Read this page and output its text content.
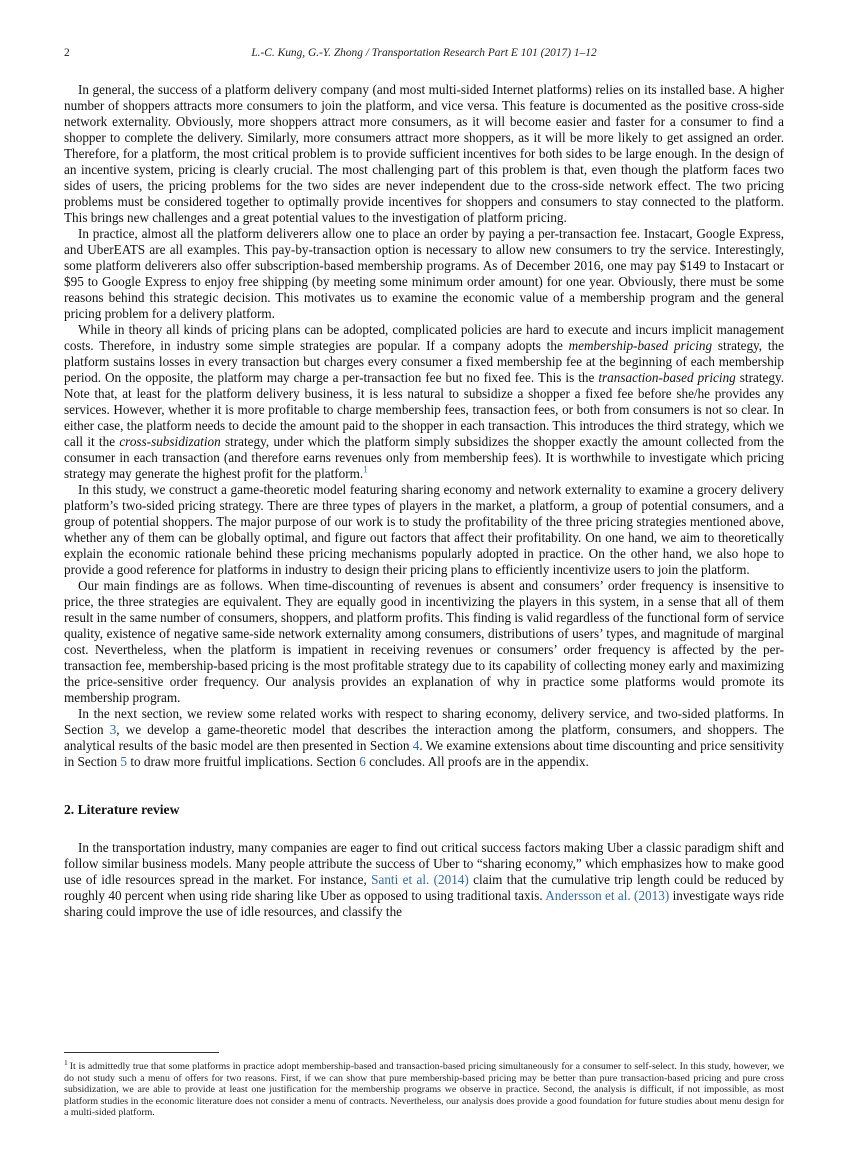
2	L.-C. Kung, G.-Y. Zhong / Transportation Research Part E 101 (2017) 1–12

In general, the success of a platform delivery company (and most multi-sided Internet platforms) relies on its installed base. A higher number of shoppers attracts more consumers to join the platform, and vice versa. This feature is documented as the positive cross-side network externality. Obviously, more shoppers attract more consumers, as it will become easier and faster for a consumer to find a shopper to complete the delivery. Similarly, more consumers attract more shoppers, as it will be more likely to get assigned an order. Therefore, for a platform, the most critical problem is to provide sufficient incentives for both sides to be large enough. In the design of an incentive system, pricing is clearly crucial. The most challenging part of this problem is that, even though the platform faces two sides of users, the pricing problems for the two sides are never independent due to the cross-side network effect. The two pricing problems must be considered together to optimally provide incentives for shoppers and consumers to stay connected to the platform. This brings new challenges and a great potential values to the investigation of platform pricing.

In practice, almost all the platform deliverers allow one to place an order by paying a per-transaction fee. Instacart, Google Express, and UberEATS are all examples. This pay-by-transaction option is necessary to allow new consumers to try the service. Interestingly, some platform deliverers also offer subscription-based membership programs. As of December 2016, one may pay $149 to Instacart or $95 to Google Express to enjoy free shipping (by meeting some minimum order amount) for one year. Obviously, there must be some reasons behind this strategic decision. This motivates us to examine the economic value of a membership program and the general pricing problem for a delivery platform.

While in theory all kinds of pricing plans can be adopted, complicated policies are hard to execute and incurs implicit management costs. Therefore, in industry some simple strategies are popular. If a company adopts the membership-based pricing strategy, the platform sustains losses in every transaction but charges every consumer a fixed membership fee at the beginning of each membership period. On the opposite, the platform may charge a per-transaction fee but no fixed fee. This is the transaction-based pricing strategy. Note that, at least for the platform delivery business, it is less natural to subsidize a shopper a fixed fee before she/he provides any services. However, whether it is more profitable to charge membership fees, transaction fees, or both from consumers is not so clear. In either case, the platform needs to decide the amount paid to the shopper in each transaction. This introduces the third strategy, which we call it the cross-subsidization strategy, under which the platform simply subsidizes the shopper exactly the amount collected from the consumer in each transaction (and therefore earns revenues only from membership fees). It is worthwhile to investigate which pricing strategy may generate the highest profit for the platform.$^1$

In this study, we construct a game-theoretic model featuring sharing economy and network externality to examine a grocery delivery platform’s two-sided pricing strategy. There are three types of players in the market, a platform, a group of potential consumers, and a group of potential shoppers. The major purpose of our work is to study the profitability of the three pricing strategies mentioned above, whether any of them can be globally optimal, and figure out factors that affect their profitability. On one hand, we aim to theoretically explain the economic rationale behind these pricing mechanisms popularly adopted in practice. On the other hand, we also hope to provide a good reference for platforms in industry to design their pricing plans to efficiently incentivize users to join the platform.

Our main findings are as follows. When time-discounting of revenues is absent and consumers’ order frequency is insensitive to price, the three strategies are equivalent. They are equally good in incentivizing the players in this system, in a sense that all of them result in the same number of consumers, shoppers, and platform profits. This finding is valid regardless of the functional form of service quality, existence of negative same-side network externality among consumers, distributions of users’ types, and magnitude of marginal cost. Nevertheless, when the platform is impatient in receiving revenues or consumers’ order frequency is affected by the per-transaction fee, membership-based pricing is the most profitable strategy due to its capability of collecting money early and maximizing the price-sensitive order frequency. Our analysis provides an explanation of why in practice some platforms would promote its membership program.

In the next section, we review some related works with respect to sharing economy, delivery service, and two-sided platforms. In Section 3, we develop a game-theoretic model that describes the interaction among the platform, consumers, and shoppers. The analytical results of the basic model are then presented in Section 4. We examine extensions about time discounting and price sensitivity in Section 5 to draw more fruitful implications. Section 6 concludes. All proofs are in the appendix.

2. Literature review

In the transportation industry, many companies are eager to find out critical success factors making Uber a classic paradigm shift and follow similar business models. Many people attribute the success of Uber to “sharing economy,” which emphasizes how to make good use of idle resources spread in the market. For instance, Santi et al. (2014) claim that the cumulative trip length could be reduced by roughly 40 percent when using ride sharing like Uber as opposed to using traditional taxis. Andersson et al. (2013) investigate ways ride sharing could improve the use of idle resources, and classify the

$^1$ It is admittedly true that some platforms in practice adopt membership-based and transaction-based pricing simultaneously for a consumer to self-select. In this study, however, we do not study such a menu of offers for two reasons. First, if we can show that pure membership-based pricing may be better than pure transaction-based pricing and pure cross subsidization, we are able to provide at least one justification for the membership programs we observe in practice. Second, the analysis is difficult, if not impossible, as most platform studies in the economic literature does not consider a menu of contracts. Nevertheless, our analysis does provide a good foundation for future studies about menu design for a multi-sided platform.
